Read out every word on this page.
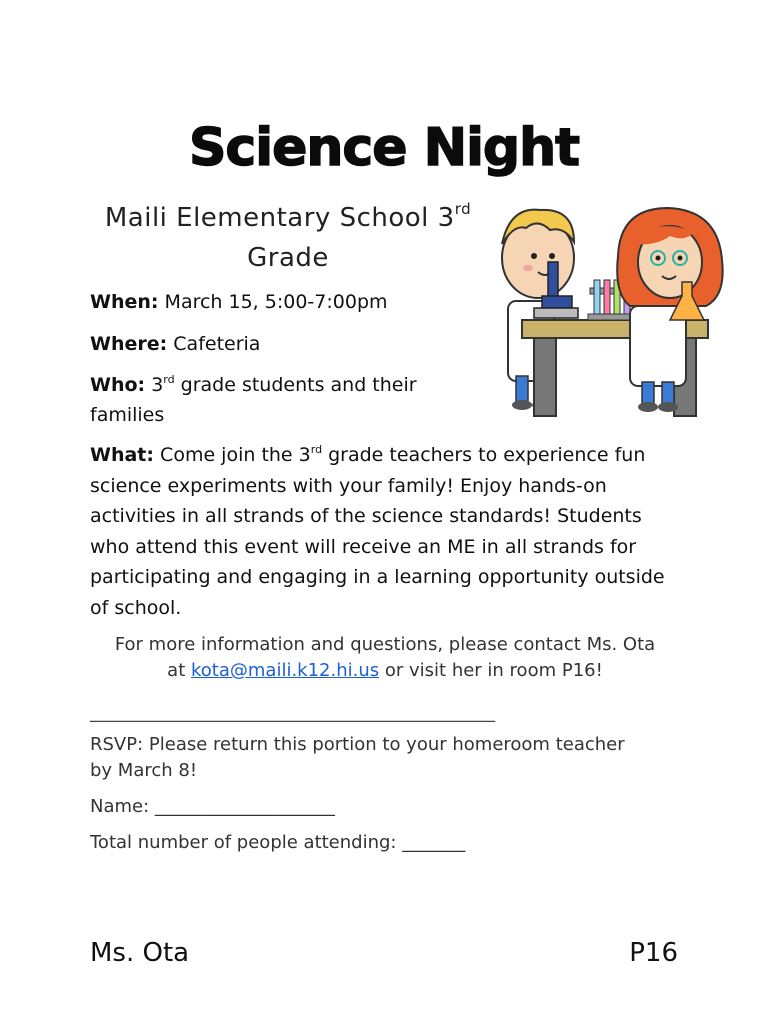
Science Night
Maili Elementary School 3rd
Grade
When: March 15, 5:00-7:00pm
Where: Cafeteria
Who: 3rd grade students and their
families
What: Come join the 3rd grade teachers to experience fun
science experiments with your family! Enjoy hands-on
activities in all strands of the science standards! Students
who attend this event will receive an ME in all strands for
participating and engaging in a learning opportunity outside
of school.
For more information and questions, please contact Ms. Ota
at kota@maili.k12.hi.us or visit her in room P16!
_____________________________________________
RSVP: Please return this portion to your homeroom teacher
by March 8!
Name: ____________________
Total number of people attending: _______
Ms. Ota	P16
